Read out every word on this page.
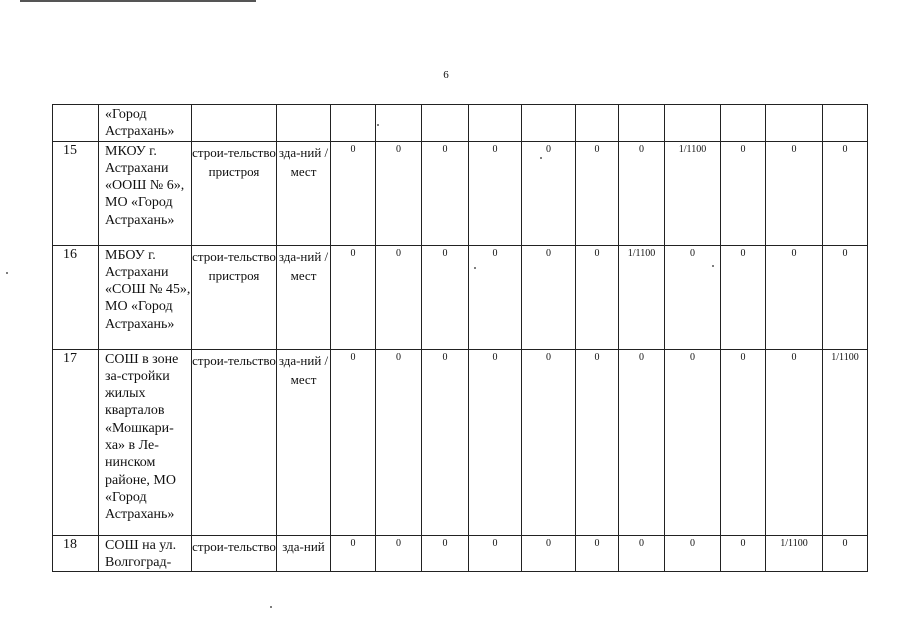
6
	«Город Астрахань»													
15	МКОУ г. Астрахани «ООШ № 6», МО «Город Астрахань»	строи-тельство пристроя	зда-ний /мест	0	0	0	0	0	0	0	1/1100	0	0	0
16	МБОУ г. Астрахани «СОШ № 45», МО «Город Астрахань»	строи-тельство пристроя	зда-ний /мест	0	0	0	0	0	0	1/1100	0	0	0	0
17	СОШ в зоне за-стройки жилых кварталов «Мошкари-ха» в Ле-нинском районе, МО «Город Астрахань»	строи-тельство	зда-ний /мест	0	0	0	0	0	0	0	0	0	0	1/1100
18	СОШ на ул. Волгоград-	строи-тельство	зда-ний	0	0	0	0	0	0	0	0	0	1/1100	0
